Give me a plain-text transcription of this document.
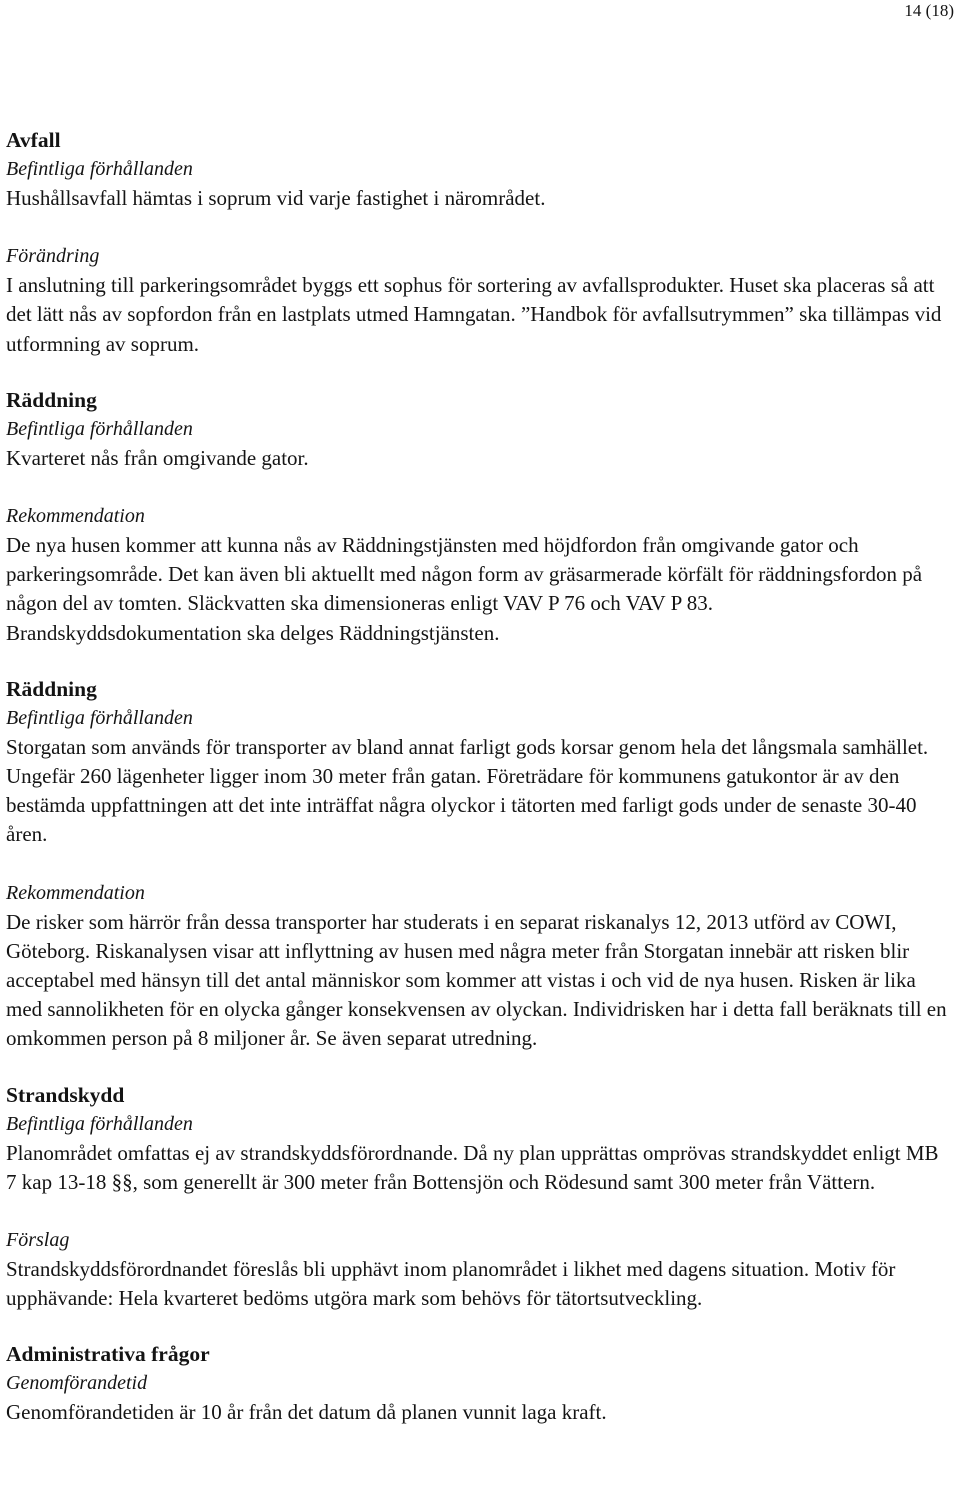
14 (18)

Avfall

Befintliga förhållanden

Hushållsavfall hämtas i soprum vid varje fastighet i närområdet.

Förändring

I anslutning till parkeringsområdet byggs ett sophus för sortering av avfallsprodukter. Huset ska placeras så att det lätt nås av sopfordon från en lastplats utmed Hamngatan. ”Handbok för avfallsutrymmen” ska tillämpas vid utformning av soprum.

Räddning

Befintliga förhållanden

Kvarteret nås från omgivande gator.

Rekommendation

De nya husen kommer att kunna nås av Räddningstjänsten med höjdfordon från omgivande gator och parkeringsområde. Det kan även bli aktuellt med någon form av gräsarmerade körfält för räddningsfordon på någon del av tomten. Släckvatten ska dimensioneras enligt VAV P 76 och VAV P 83. Brandskyddsdokumentation ska delges Räddningstjänsten.

Räddning

Befintliga förhållanden

Storgatan som används för transporter av bland annat farligt gods korsar genom hela det långsmala samhället. Ungefär 260 lägenheter ligger inom 30 meter från gatan. Företrädare för kommunens gatukontor är av den bestämda uppfattningen att det inte inträffat några olyckor i tätorten med farligt gods under de senaste 30-40 åren.

Rekommendation

De risker som härrör från dessa transporter har studerats i en separat riskanalys 12, 2013 utförd av COWI, Göteborg. Riskanalysen visar att inflyttning av husen med några meter från Storgatan innebär att risken blir acceptabel med hänsyn till det antal människor som kommer att vistas i och vid de nya husen. Risken är lika med sannolikheten för en olycka gånger konsekvensen av olyckan. Individrisken har i detta fall beräknats till en omkommen person på 8 miljoner år. Se även separat utredning.

Strandskydd

Befintliga förhållanden

Planområdet omfattas ej av strandskyddsförordnande. Då ny plan upprättas omprövas strandskyddet enligt MB 7 kap 13-18 §§, som generellt är 300 meter från Bottensjön och Rödesund samt 300 meter från Vättern.

Förslag

Strandskyddsförordnandet föreslås bli upphävt inom planområdet i likhet med dagens situation. Motiv för upphävande: Hela kvarteret bedöms utgöra mark som behövs för tätortsutveckling.

Administrativa frågor

Genomförandetid

Genomförandetiden är 10 år från det datum då planen vunnit laga kraft.
